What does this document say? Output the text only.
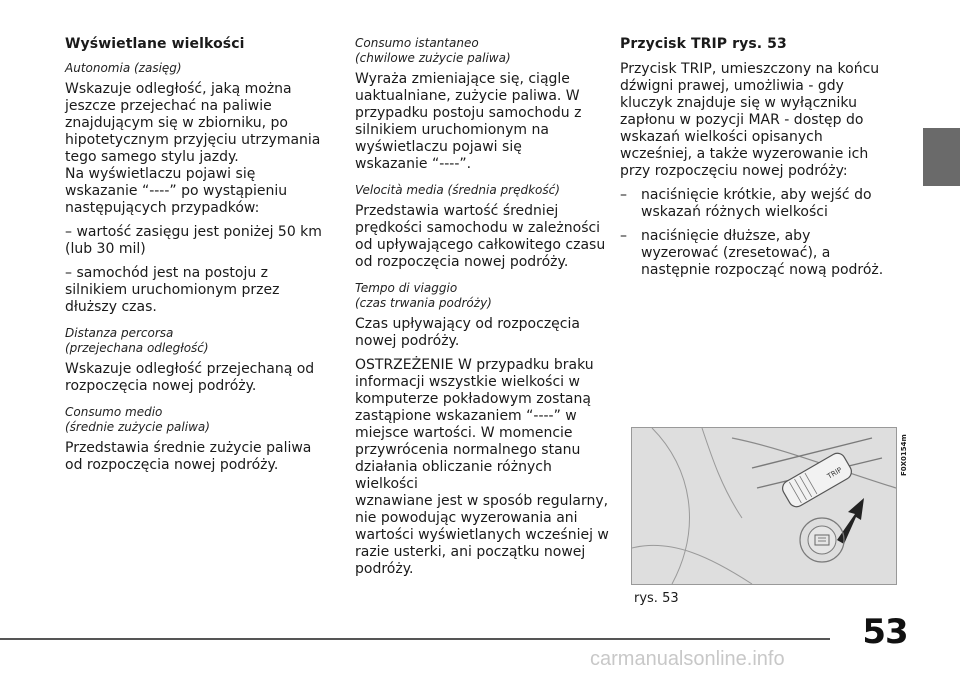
Wyświetlane wielkości
Autonomia (zasięg)
Wskazuje odległość, jaką można
jeszcze przejechać na paliwie
znajdującym się w zbiorniku, po
hipotetycznym przyjęciu utrzymania
tego samego stylu jazdy.
Na wyświetlaczu pojawi się
wskazanie “----” po wystąpieniu
następujących przypadków:
– wartość zasięgu jest poniżej 50 km
(lub 30 mil)
– samochód jest na postoju z
silnikiem uruchomionym przez
dłuższy czas.
Distanza percorsa
(przejechana odległość)
Wskazuje odległość przejechaną od
rozpoczęcia nowej podróży.
Consumo medio
(średnie zużycie paliwa)
Przedstawia średnie zużycie paliwa
od rozpoczęcia nowej podróży.
Consumo istantaneo
(chwilowe zużycie paliwa)
Wyraża zmieniające się, ciągle
uaktualniane, zużycie paliwa. W
przypadku postoju samochodu z
silnikiem uruchomionym na
wyświetlaczu pojawi się
wskazanie “----”.
Velocità media (średnia prędkość)
Przedstawia wartość średniej
prędkości samochodu w zależności
od upływającego całkowitego czasu
od rozpoczęcia nowej podróży.
Tempo di viaggio
(czas trwania podróży)
Czas upływający od rozpoczęcia
nowej podróży.
OSTRZEŻENIE W przypadku braku
informacji wszystkie wielkości w
komputerze pokładowym zostaną
zastąpione wskazaniem “----” w
miejsce wartości. W momencie
przywrócenia normalnego stanu
działania obliczanie różnych wielkości
wznawiane jest w sposób regularny,
nie powodując wyzerowania ani
wartości wyświetlanych wcześniej w
razie usterki, ani początku nowej
podróży.
Przycisk TRIP rys. 53
Przycisk TRIP, umieszczony na końcu
dźwigni prawej, umożliwia - gdy
kluczyk znajduje się w wyłączniku
zapłonu w pozycji MAR - dostęp do
wskazań wielkości opisanych
wcześniej, a także wyzerowanie ich
przy rozpoczęciu nowej podróży:
–	naciśnięcie krótkie, aby wejść do
wskazań różnych wielkości
–	naciśnięcie dłuższe, aby
wyzerować (zresetować), a
następnie rozpocząć nową podróż.
TRIP	F0X0154m
rys. 53
53
carmanualsonline.info
